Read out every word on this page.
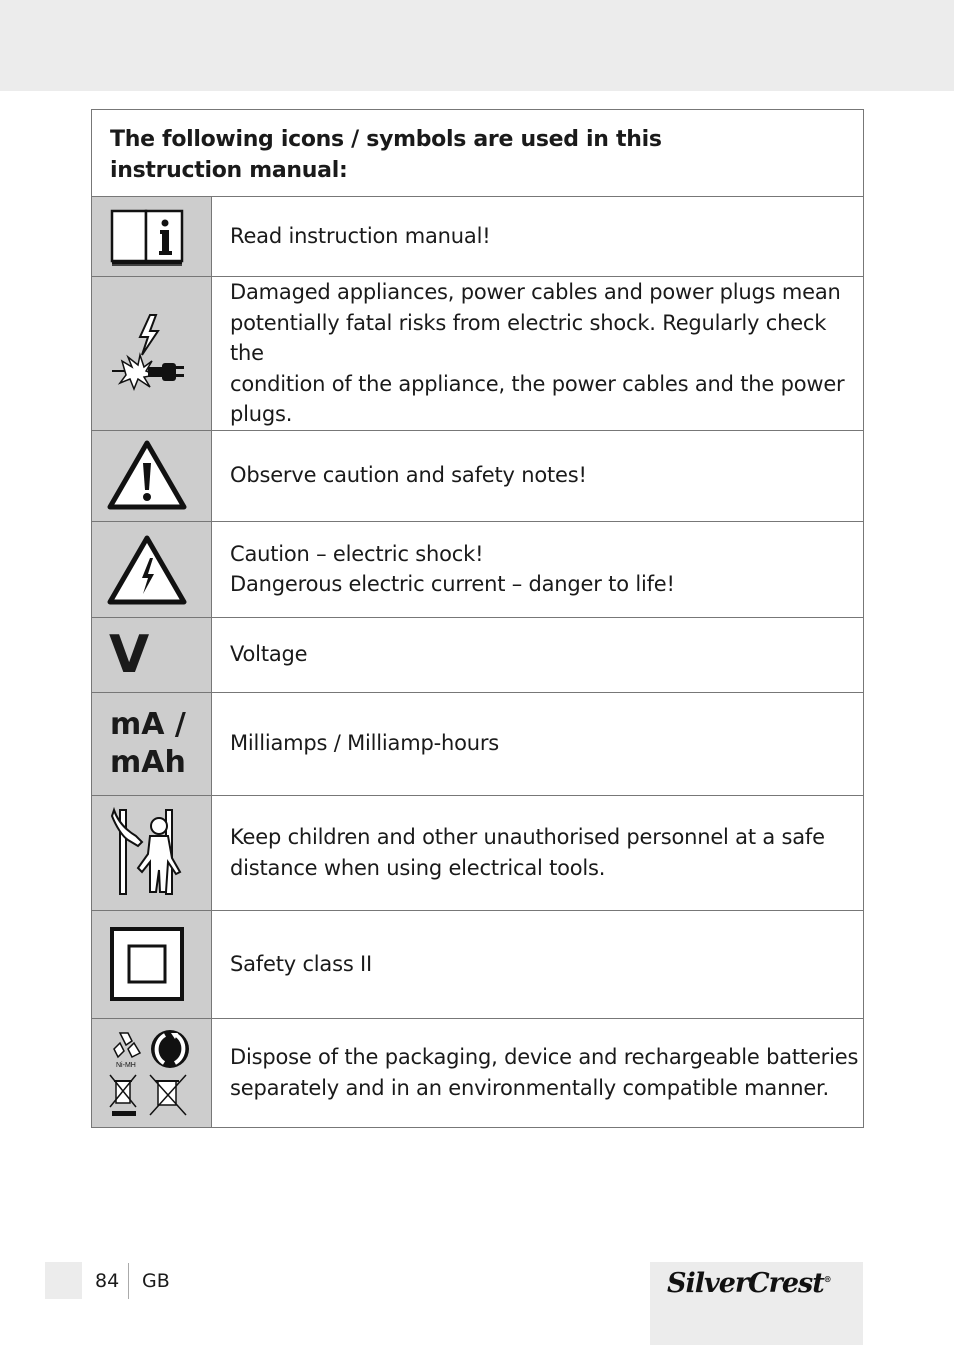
The following icons / symbols are used in this
instruction manual:	

	Read instruction manual!

	Damaged appliances, power cables and power plugs mean
potentially fatal risks from electric shock. Regularly check the
condition of the appliance, the power cables and the power plugs.

	Observe caution and safety notes!

	Caution – electric shock!
Dangerous electric current – danger to life!

V	Voltage

mA /
mAh	Milliamps / Milliamp-hours

	Keep children and other unauthorised personnel at a safe
distance when using electrical tools.

	Safety class II

Ni-MH	Dispose of the packaging, device and rechargeable batteries
separately and in an environmentally compatible manner.
84 GB	SilverCrest®
